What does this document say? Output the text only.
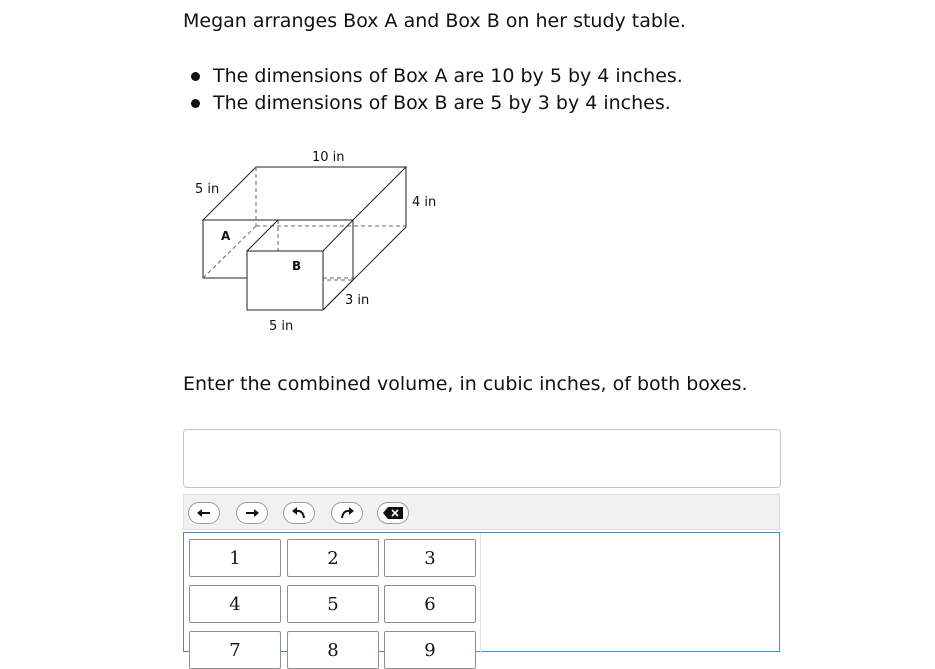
Megan arranges Box A and Box B on her study table.

The dimensions of Box A are 10 by 5 by 4 inches.
The dimensions of Box B are 5 by 3 by 4 inches.
10 in
5 in
4 in
A
B
3 in
5 in

Enter the combined volume, in cubic inches, of both boxes.

1	2	3
4	5	6
7	8	9
